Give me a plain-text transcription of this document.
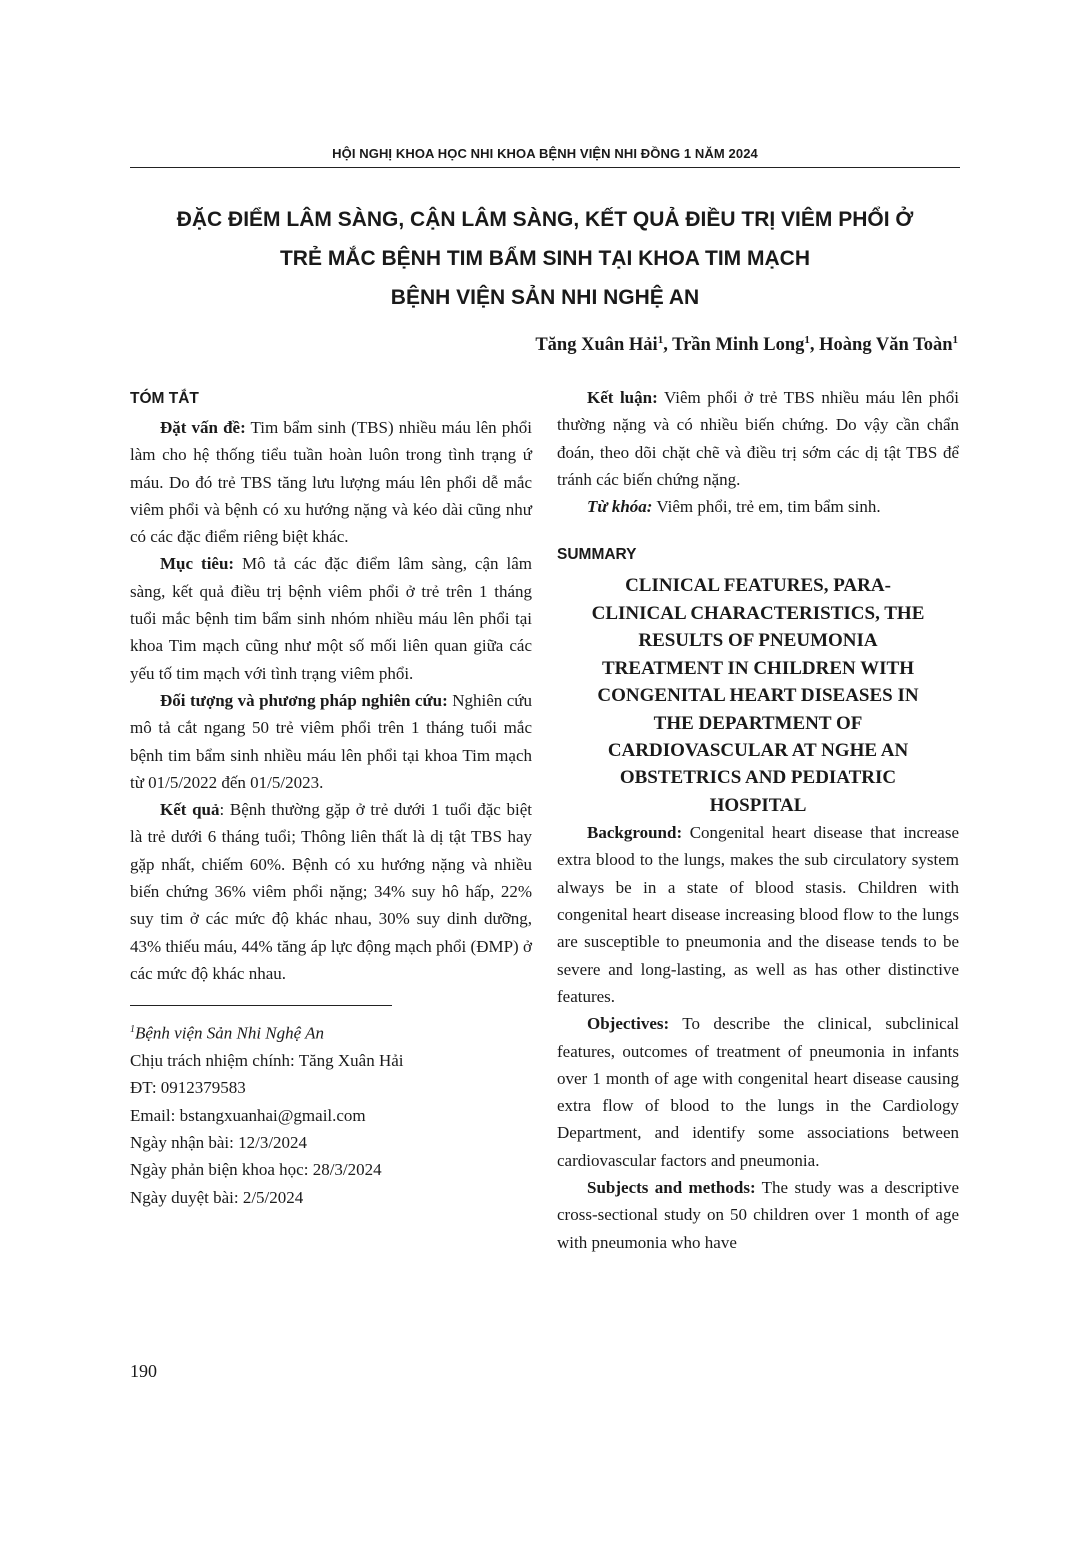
HỘI NGHỊ KHOA HỌC NHI KHOA BỆNH VIỆN NHI ĐỒNG 1 NĂM 2024
ĐẶC ĐIỂM LÂM SÀNG, CẬN LÂM SÀNG, KẾT QUẢ ĐIỀU TRỊ VIÊM PHỔI Ở
TRẺ MẮC BỆNH TIM BẨM SINH TẠI KHOA TIM MẠCH
BỆNH VIỆN SẢN NHI NGHỆ AN
Tăng Xuân Hải$^1$, Trần Minh Long$^1$, Hoàng Văn Toàn$^1$
TÓM TẮT

Đặt vấn đề: Tim bẩm sinh (TBS) nhiều máu lên phổi làm cho hệ thống tiểu tuần hoàn luôn trong tình trạng ứ máu. Do đó trẻ TBS tăng lưu lượng máu lên phổi dễ mắc viêm phổi và bệnh có xu hướng nặng và kéo dài cũng như có các đặc điểm riêng biệt khác.

Mục tiêu: Mô tả các đặc điểm lâm sàng, cận lâm sàng, kết quả điều trị bệnh viêm phổi ở trẻ trên 1 tháng tuổi mắc bệnh tim bẩm sinh nhóm nhiều máu lên phổi tại khoa Tim mạch cũng như một số mối liên quan giữa các yếu tố tim mạch với tình trạng viêm phổi.

Đối tượng và phương pháp nghiên cứu: Nghiên cứu mô tả cắt ngang 50 trẻ viêm phổi trên 1 tháng tuổi mắc bệnh tim bẩm sinh nhiều máu lên phổi tại khoa Tim mạch từ 01/5/2022 đến 01/5/2023.

Kết quả: Bệnh thường gặp ở trẻ dưới 1 tuổi đặc biệt là trẻ dưới 6 tháng tuổi; Thông liên thất là dị tật TBS hay gặp nhất, chiếm 60%. Bệnh có xu hướng nặng và nhiều biến chứng 36% viêm phổi nặng; 34% suy hô hấp, 22% suy tim ở các mức độ khác nhau, 30% suy dinh dưỡng, 43% thiếu máu, 44% tăng áp lực động mạch phổi (ĐMP) ở các mức độ khác nhau.

$^1$Bệnh viện Sản Nhi Nghệ An
Chịu trách nhiệm chính: Tăng Xuân Hải
ĐT: 0912379583
Email: bstangxuanhai@gmail.com
Ngày nhận bài: 12/3/2024
Ngày phản biện khoa học: 28/3/2024
Ngày duyệt bài: 2/5/2024

Kết luận: Viêm phổi ở trẻ TBS nhiều máu lên phổi thường nặng và có nhiều biến chứng. Do vậy cần chẩn đoán, theo dõi chặt chẽ và điều trị sớm các dị tật TBS để tránh các biến chứng nặng.

Từ khóa: Viêm phổi, trẻ em, tim bẩm sinh.

SUMMARY
CLINICAL FEATURES, PARA-
CLINICAL CHARACTERISTICS, THE
RESULTS OF PNEUMONIA
TREATMENT IN CHILDREN WITH
CONGENITAL HEART DISEASES IN
THE DEPARTMENT OF
CARDIOVASCULAR AT NGHE AN
OBSTETRICS AND PEDIATRIC
HOSPITAL

Background: Congenital heart disease that increase extra blood to the lungs, makes the sub circulatory system always be in a state of blood stasis. Children with congenital heart disease increasing blood flow to the lungs are susceptible to pneumonia and the disease tends to be severe and long-lasting, as well as has other distinctive features.

Objectives: To describe the clinical, subclinical features, outcomes of treatment of pneumonia in infants over 1 month of age with congenital heart disease causing extra flow of blood to the lungs in the Cardiology Department, and identify some associations between cardiovascular factors and pneumonia.

Subjects and methods: The study was a descriptive cross-sectional study on 50 children over 1 month of age with pneumonia who have

190
